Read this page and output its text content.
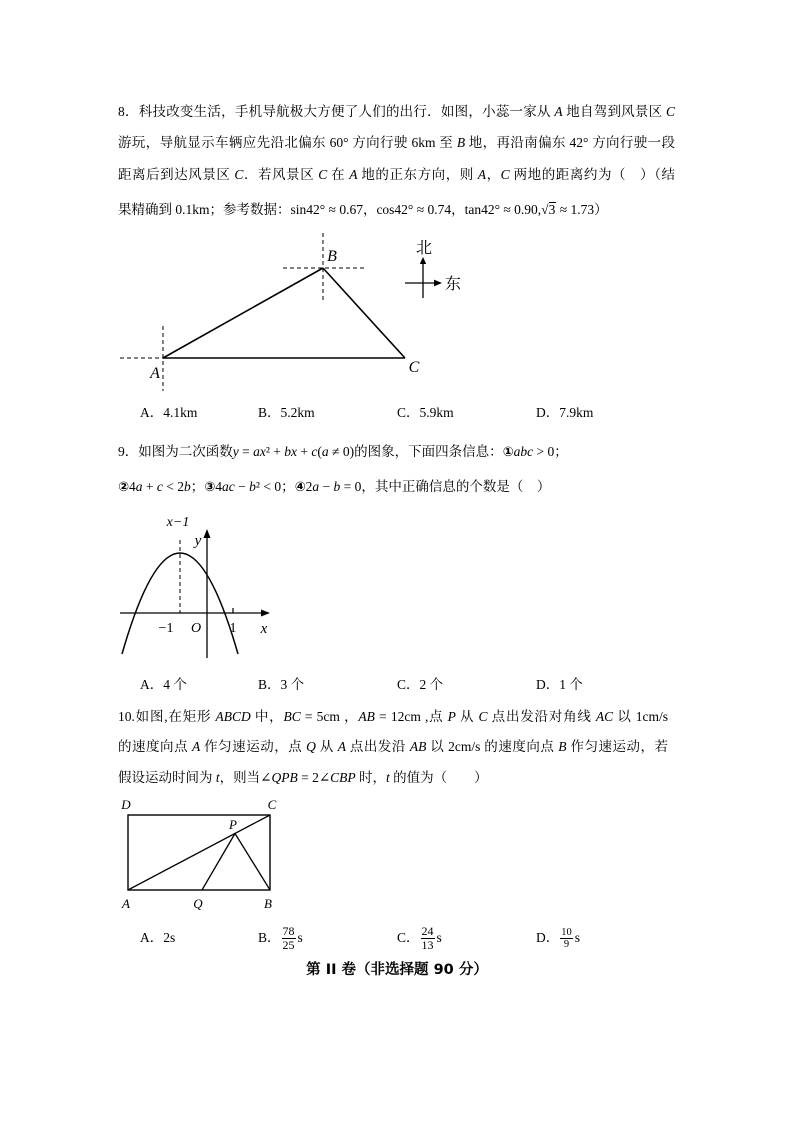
8．科技改变生活，手机导航极大方便了人们的出行．如图，小蕊一家从 A 地自驾到风景区 C
游玩，导航显示车辆应先沿北偏东 60° 方向行驶 6km 至 B 地，再沿南偏东 42° 方向行驶一段
距离后到达风景区 C．若风景区 C 在 A 地的正东方向，则 A，C 两地的距离约为（　）（结
果精确到 0.1km；参考数据：sin42° ≈ 0.67，cos42° ≈ 0.74，tan42° ≈ 0.90,√3 ≈ 1.73）
B
A	C
北
东
A． 4.1km	B． 5.2km	C． 5.9km	D． 7.9km
9．如图为二次函数y = ax² + bx + c(a ≠ 0)的图象，下面四条信息：①abc > 0；
②4a + c < 2b；③4ac − b² < 0；④2a − b = 0，其中正确信息的个数是（　）
x−1
y
x
−1 O 1
A． 4 个	B． 3 个	C． 2 个	D． 1 个
10.如图,在矩形 ABCD 中，BC = 5cm ，AB = 12cm ,点 P 从 C 点出发沿对角线 AC 以 1cm/s
的速度向点 A 作匀速运动，点 Q 从 A 点出发沿 AB 以 2cm/s 的速度向点 B 作匀速运动，若
假设运动时间为 t，则当∠QPB = 2∠CBP 时，t 的值为（　　）
D	C
P
A	Q	B
A． 2s	B． $\frac{78}{25}$ s	C． $\frac{24}{13}$ s	D． $\frac{10}{9}$ s
第 II 卷（非选择题 90 分）
